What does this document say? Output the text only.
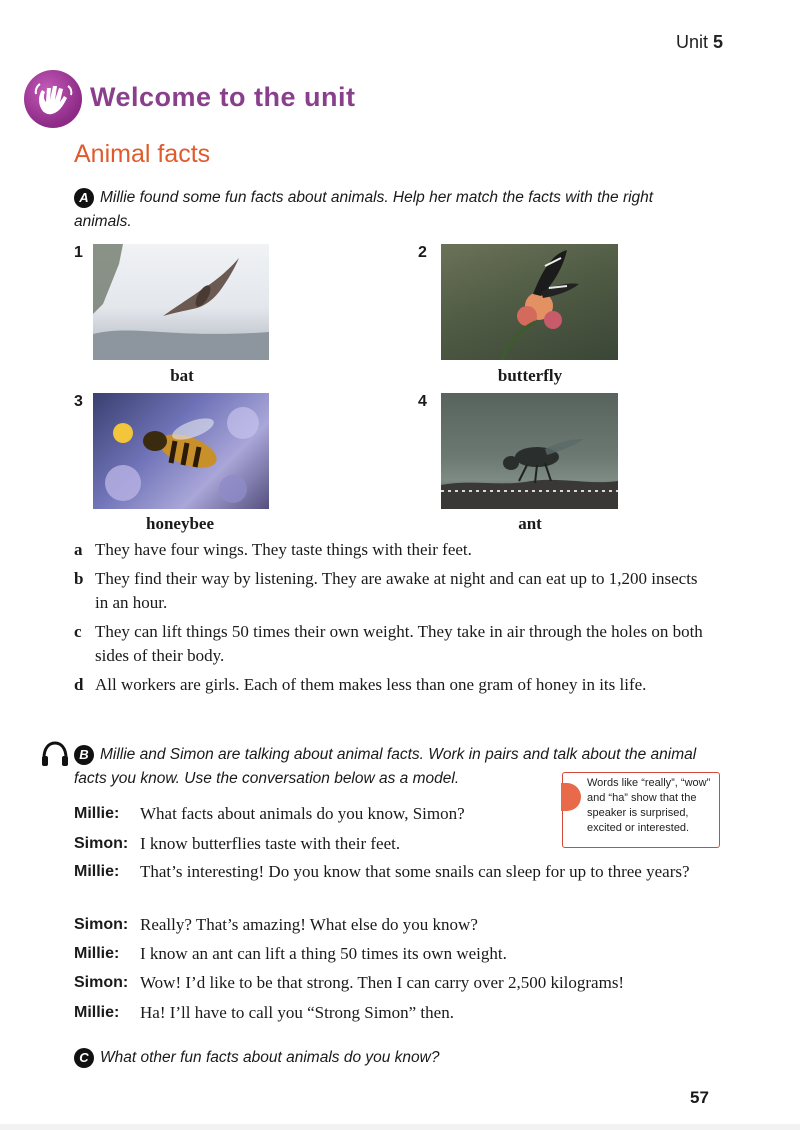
Unit 5
Welcome to the unit
Animal facts
A Millie found some fun facts about animals. Help her match the facts with the right animals.
1
bat
2
butterfly
3
honeybee
4
ant
a They have four wings. They taste things with their feet.
b They find their way by listening. They are awake at night and can eat up to 1,200 insects in an hour.
c They can lift things 50 times their own weight. They take in air through the holes on both sides of their body.
d All workers are girls. Each of them makes less than one gram of honey in its life.
B Millie and Simon are talking about animal facts. Work in pairs and talk about the animal facts you know. Use the conversation below as a model.	Words like “really”, “wow” and “ha” show that the speaker is surprised, excited or interested.
Millie: What facts about animals do you know, Simon?
Simon: I know butterflies taste with their feet.
Millie: That’s interesting! Do you know that some snails can sleep for up to three years?
Simon: Really? That’s amazing! What else do you know?
Millie: I know an ant can lift a thing 50 times its own weight.
Simon: Wow! I’d like to be that strong. Then I can carry over 2,500 kilograms!
Millie: Ha! I’ll have to call you “Strong Simon” then.
C What other fun facts about animals do you know?
57
